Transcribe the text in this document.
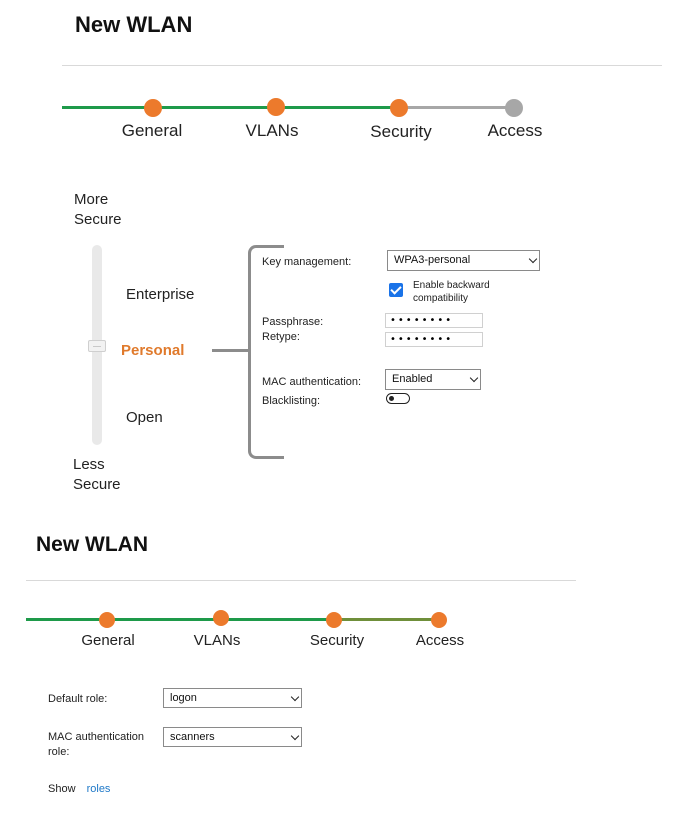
New WLAN
General	VLANs	Security	Access
More
Secure
Enterprise
Personal
Open
Less
Secure
Key management:	WPA3-personal
Enable backward
compatibility
Passphrase:	••••••••
Retype:	••••••••
MAC authentication:	Enabled
Blacklisting:
New WLAN
General	VLANs	Security	Access
Default role:	logon
MAC authentication
role:
scanners
Show roles
